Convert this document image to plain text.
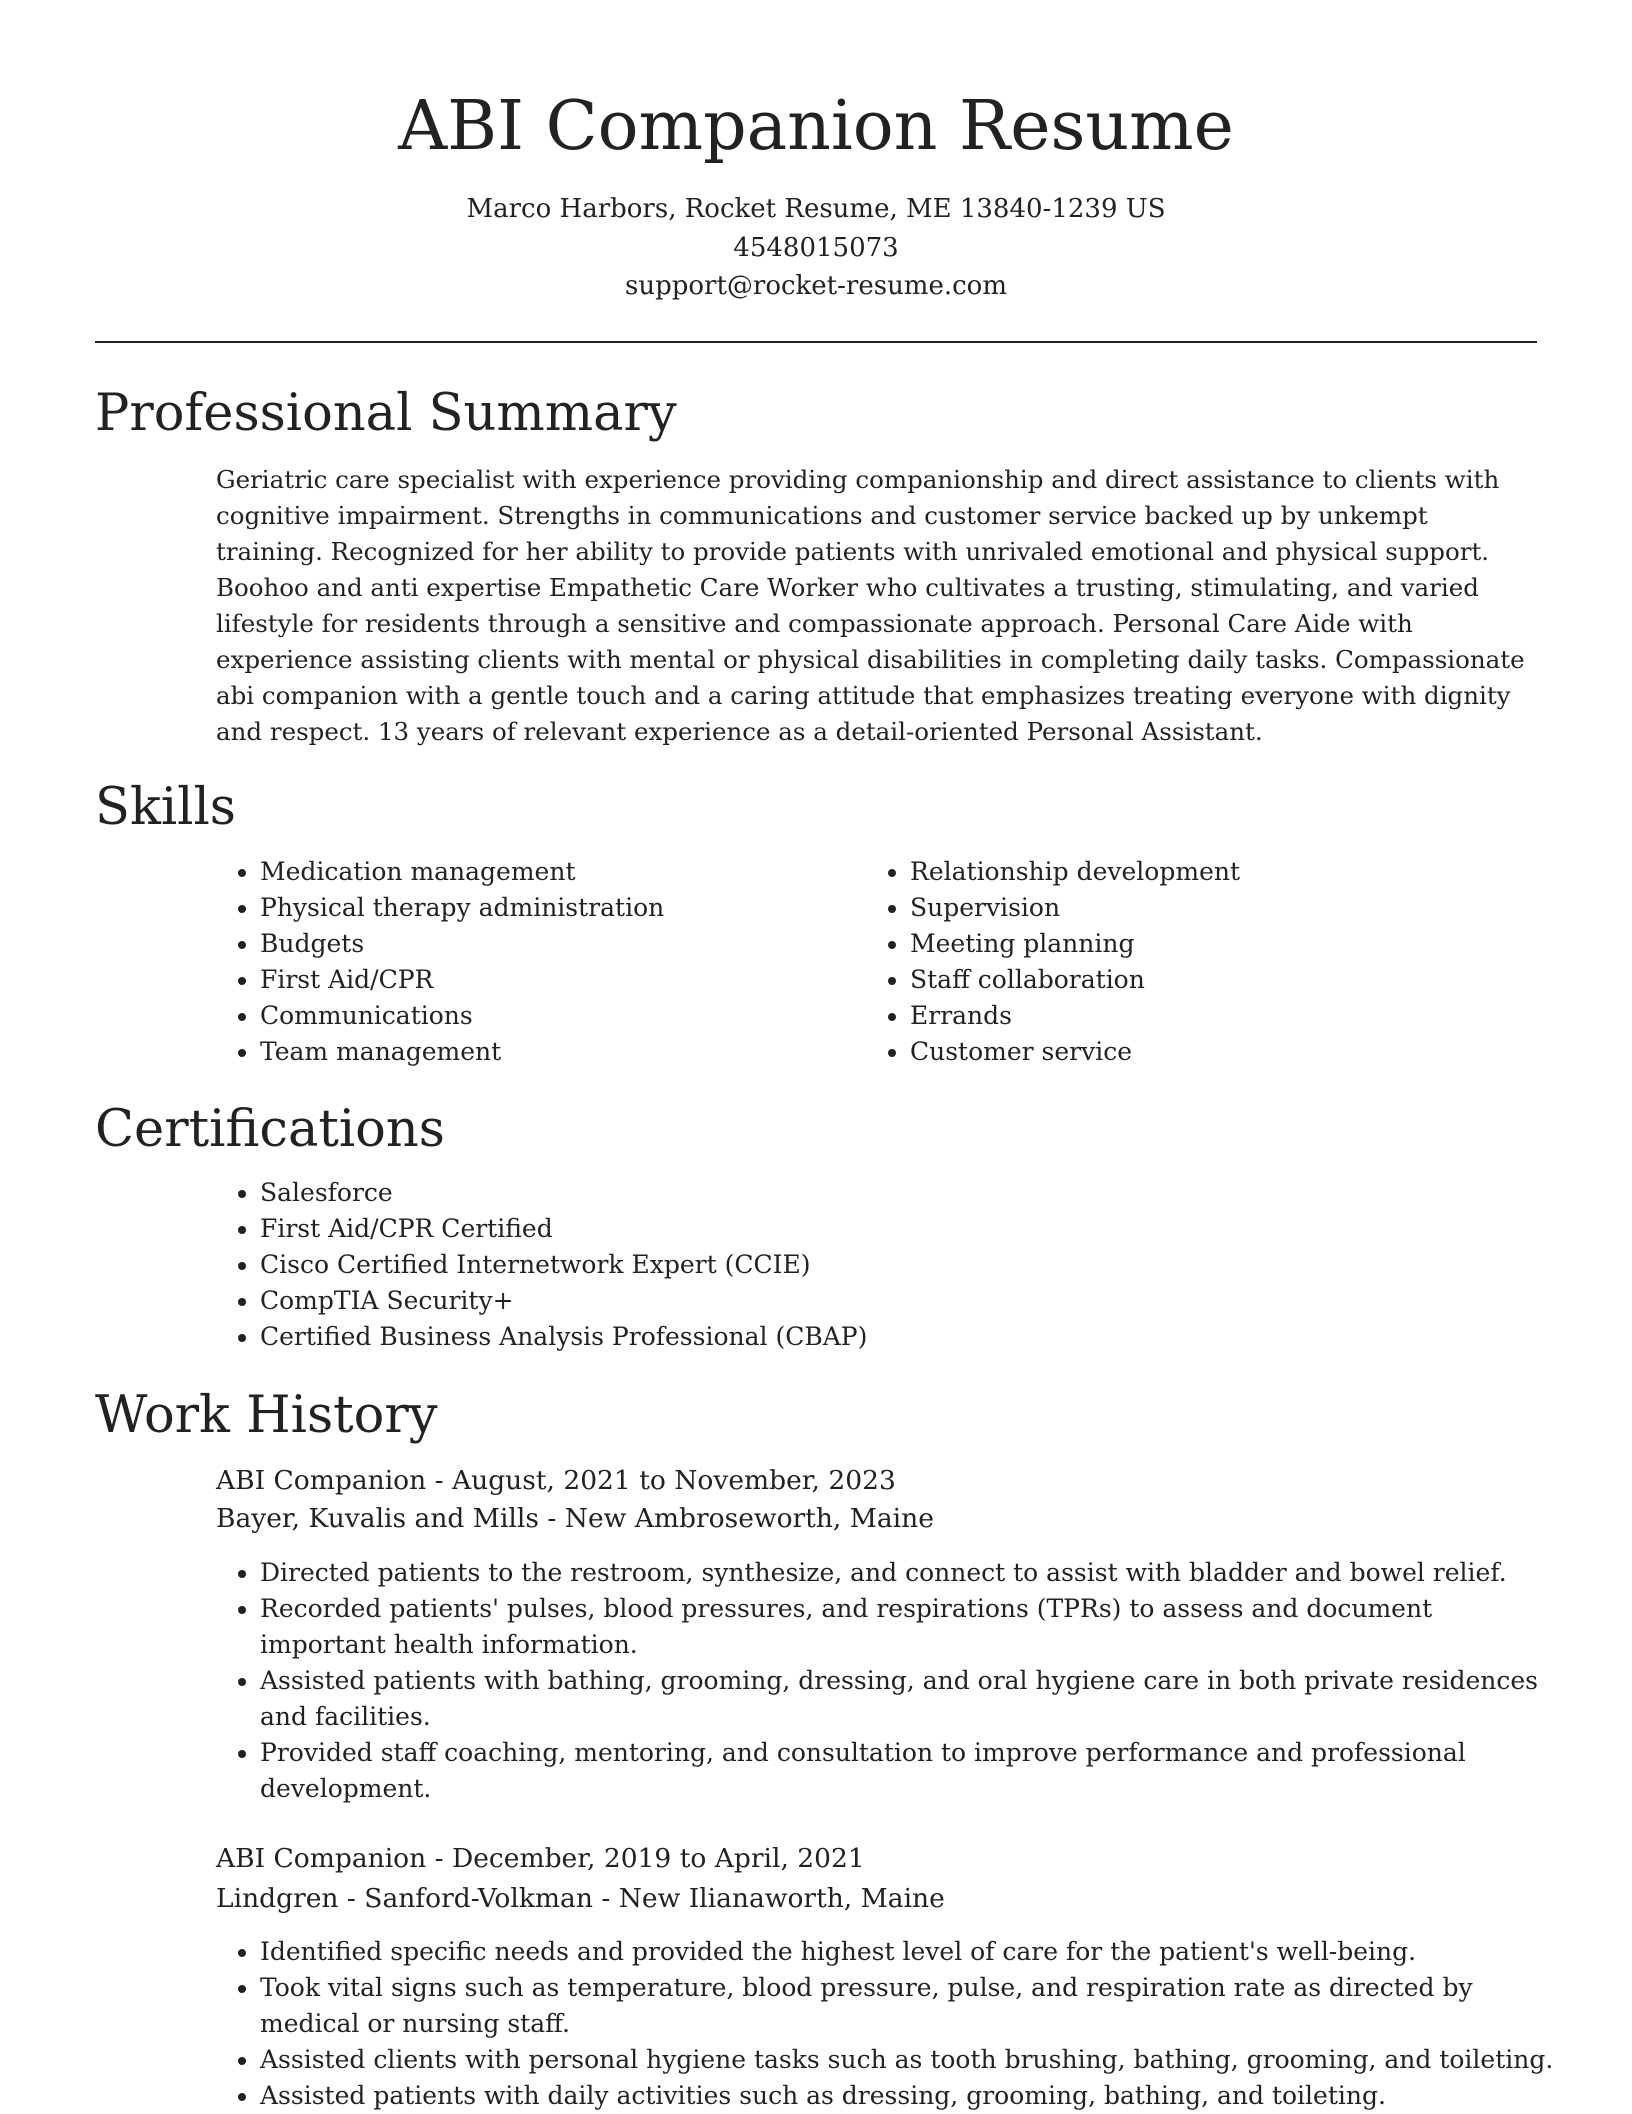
ABI Companion Resume
Marco Harbors, Rocket Resume, ME 13840-1239 US
4548015073
support@rocket-resume.com
Professional Summary

Geriatric care specialist with experience providing companionship and direct assistance to clients with cognitive impairment. Strengths in communications and customer service backed up by unkempt training. Recognized for her ability to provide patients with unrivaled emotional and physical support. Boohoo and anti expertise Empathetic Care Worker who cultivates a trusting, stimulating, and varied lifestyle for residents through a sensitive and compassionate approach. Personal Care Aide with experience assisting clients with mental or physical disabilities in completing daily tasks. Compassionate abi companion with a gentle touch and a caring attitude that emphasizes treating everyone with dignity and respect. 13 years of relevant experience as a detail-oriented Personal Assistant.

Skills
• Medication management
• Physical therapy administration
• Budgets
• First Aid/CPR
• Communications
• Team management
• Relationship development
• Supervision
• Meeting planning
• Staff collaboration
• Errands
• Customer service
Certifications
• Salesforce
• First Aid/CPR Certified
• Cisco Certified Internetwork Expert (CCIE)
• CompTIA Security+
• Certified Business Analysis Professional (CBAP)
Work History
ABI Companion - August, 2021 to November, 2023
Bayer, Kuvalis and Mills - New Ambroseworth, Maine
• Directed patients to the restroom, synthesize, and connect to assist with bladder and bowel relief.
• Recorded patients' pulses, blood pressures, and respirations (TPRs) to assess and document important health information.
• Assisted patients with bathing, grooming, dressing, and oral hygiene care in both private residences and facilities.
• Provided staff coaching, mentoring, and consultation to improve performance and professional development.
ABI Companion - December, 2019 to April, 2021
Lindgren - Sanford-Volkman - New Ilianaworth, Maine
• Identified specific needs and provided the highest level of care for the patient's well-being.
• Took vital signs such as temperature, blood pressure, pulse, and respiration rate as directed by medical or nursing staff.
• Assisted clients with personal hygiene tasks such as tooth brushing, bathing, grooming, and toileting.
• Assisted patients with daily activities such as dressing, grooming, bathing, and toileting.
